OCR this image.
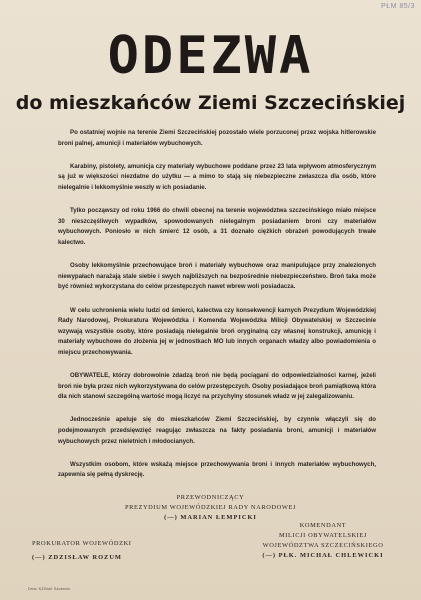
PŁM 85/3
ODEZWA
do mieszkańców Ziemi Szczecińskiej

Po ostatniej wojnie na terenie Ziemi Szczecińskiej pozostało wiele porzuconej przez wojska hitlerowskie broni palnej, amunicji i materiałów wybuchowych.

Karabiny, pistolety, amunicja czy materiały wybuchowe poddane przez 23 lata wpływom atmosferycznym są już w większości niezdatne do użytku — a mimo to stają się niebezpieczne zwłaszcza dla osób, które nielegalnie i lekkomyślnie weszły w ich posiadanie.

Tylko począwszy od roku 1966 do chwili obecnej na terenie województwa szczecińskiego miało miejsce 30 nieszczęśliwych wypadków, spowodowanych nielegalnym posiadaniem broni czy materiałów wybuchowych. Poniosło w nich śmierć 12 osób, a 31 doznało ciężkich obrażeń powodujących trwałe kalectwo.

Osoby lekkomyślnie przechowujące broń i materiały wybuchowe oraz manipulujące przy znalezionych niewypałach narażają stale siebie i swych najbliższych na bezpośrednie niebezpieczeństwo. Broń taka może być również wykorzystana do celów przestępczych nawet wbrew woli posiadacza.

W celu uchronienia wielu ludzi od śmierci, kalectwa czy konsekwencji karnych Prezydium Wojewódzkiej Rady Narodowej, Prokuratura Wojewódzka i Komenda Wojewódzka Milicji Obywatelskiej w Szczecinie wzywają wszystkie osoby, które posiadają nielegalnie broń oryginalną czy własnej konstrukcji, amunicję i materiały wybuchowe do złożenia jej w jednostkach MO lub innych organach władzy albo powiadomienia o miejscu przechowywania.

OBYWATELE, którzy dobrowolnie zdadzą broń nie będą pociągani do odpowiedzialności karnej, jeżeli broń nie była przez nich wykorzystywana do celów przestępczych. Osoby posiadające broń pamiątkową która dla nich stanowi szczególną wartość mogą liczyć na przychylny stosunek władz w jej zalegalizowaniu.

Jednocześnie apeluje się do mieszkańców Ziemi Szczecińskiej, by czynnie włączyli się do podejmowanych przedsięwzięć reagując zwłaszcza na fakty posiadania broni, amunicji i materiałów wybuchowych przez nieletnich i młodocianych.

Wszystkim osobom, które wskażą miejsce przechowywania broni i innych materiałów wybuchowych, zapewnia się pełną dyskrecję.

PRZEWODNICZĄCY
PREZYDIUM WOJEWÓDZKIEJ RADY NARODOWEJ
(—) MARIAN ŁEMPICKI
PROKURATOR WOJEWÓDZKI
(—) ZDZISŁAW ROZUM
KOMENDANT
MILICJI OBYWATELSKIEJ
WOJEWÓDZTWA SZCZECIŃSKIEGO
(—) PŁK. MICHAŁ CHLEWICKI
Druk. KZGraf. Szczecin
